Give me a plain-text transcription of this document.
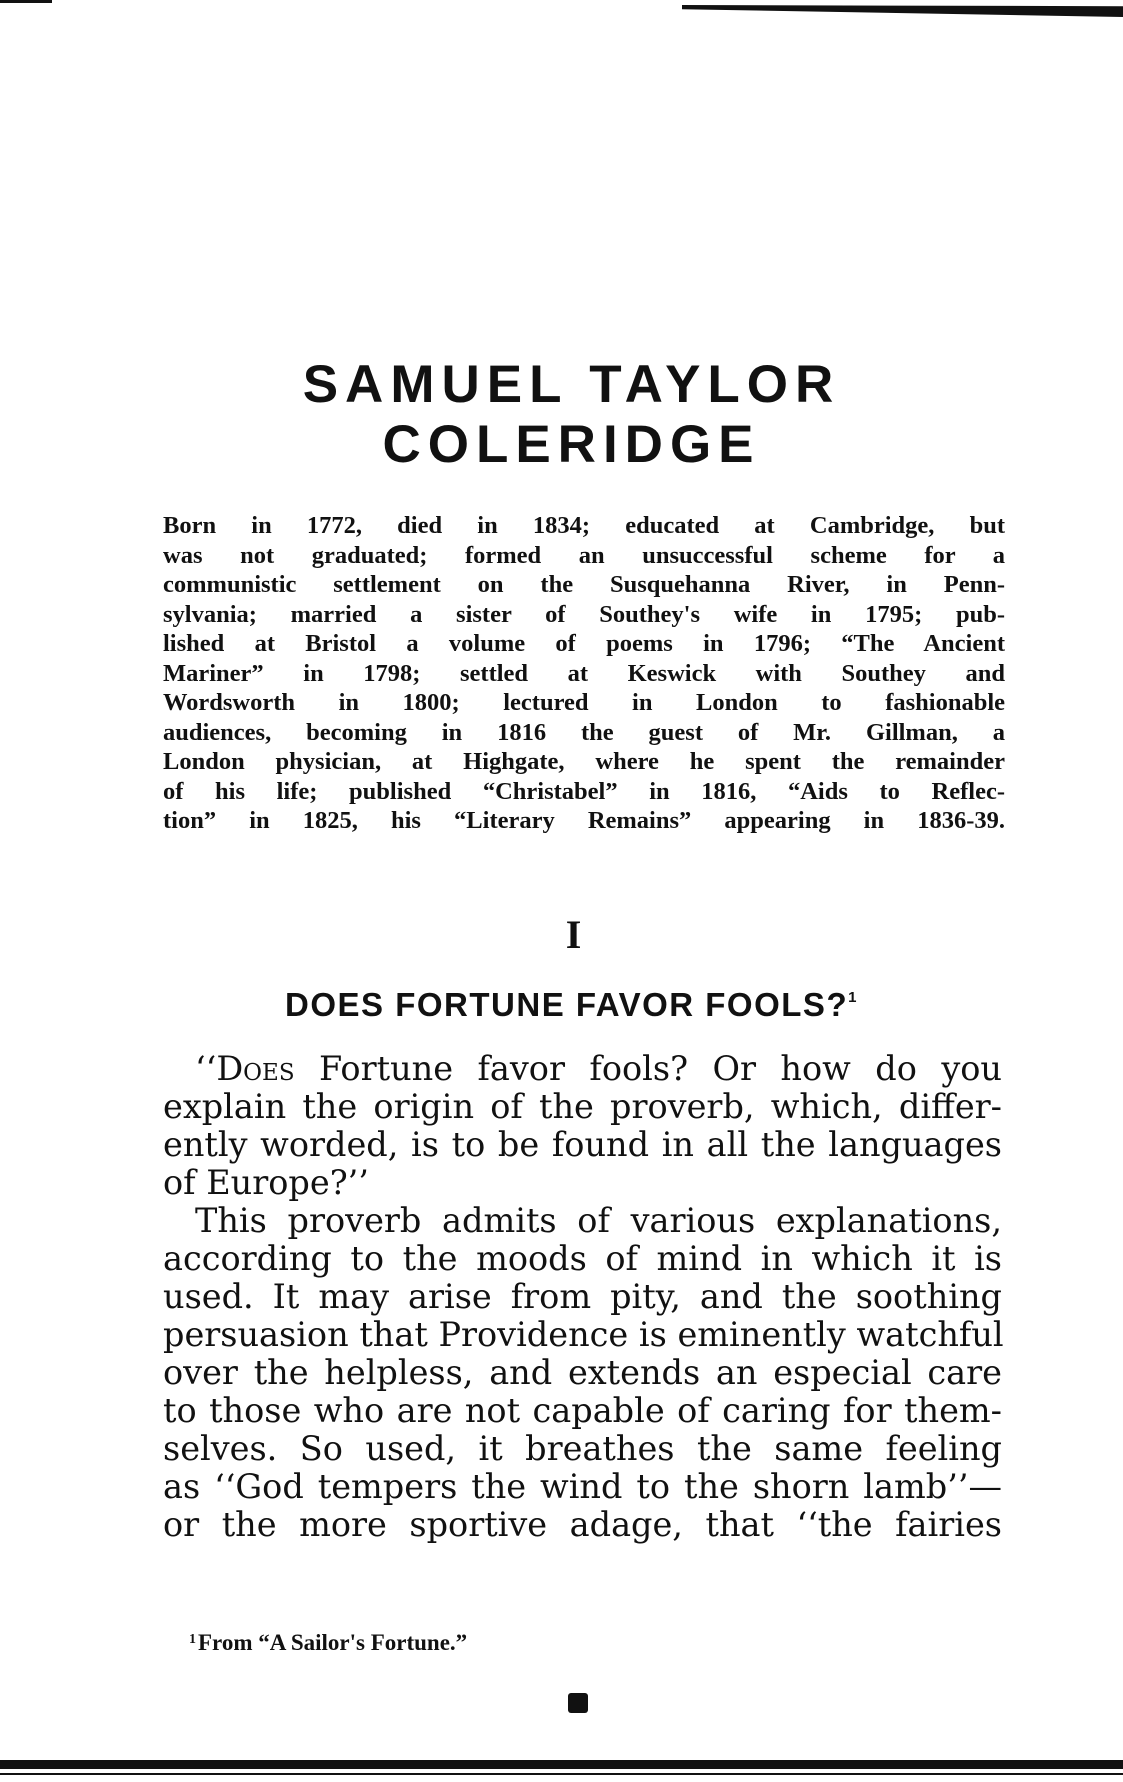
SAMUEL TAYLOR
COLERIDGE
Born in 1772, died in 1834; educated at Cambridge, but
was not graduated; formed an unsuccessful scheme for a
communistic settlement on the Susquehanna River, in Penn-
sylvania; married a sister of Southey's wife in 1795; pub-
lished at Bristol a volume of poems in 1796; “The Ancient
Mariner” in 1798; settled at Keswick with Southey and
Wordsworth in 1800; lectured in London to fashionable
audiences, becoming in 1816 the guest of Mr. Gillman, a
London physician, at Highgate, where he spent the remainder
of his life; published “Christabel” in 1816, “Aids to Reflec-
tion” in 1825, his “Literary Remains” appearing in 1836-39.
I
DOES FORTUNE FAVOR FOOLS?$^1$
‘‘Does Fortune favor fools? Or how do you
explain the origin of the proverb, which, differ-
ently worded, is to be found in all the languages
of Europe?’’
This proverb admits of various explanations,
according to the moods of mind in which it is
used. It may arise from pity, and the soothing
persuasion that Providence is eminently watchful
over the helpless, and extends an especial care
to those who are not capable of caring for them-
selves. So used, it breathes the same feeling
as ‘‘God tempers the wind to the shorn lamb’’—
or the more sportive adage, that ‘‘the fairies
$^1$From “A Sailor's Fortune.”
